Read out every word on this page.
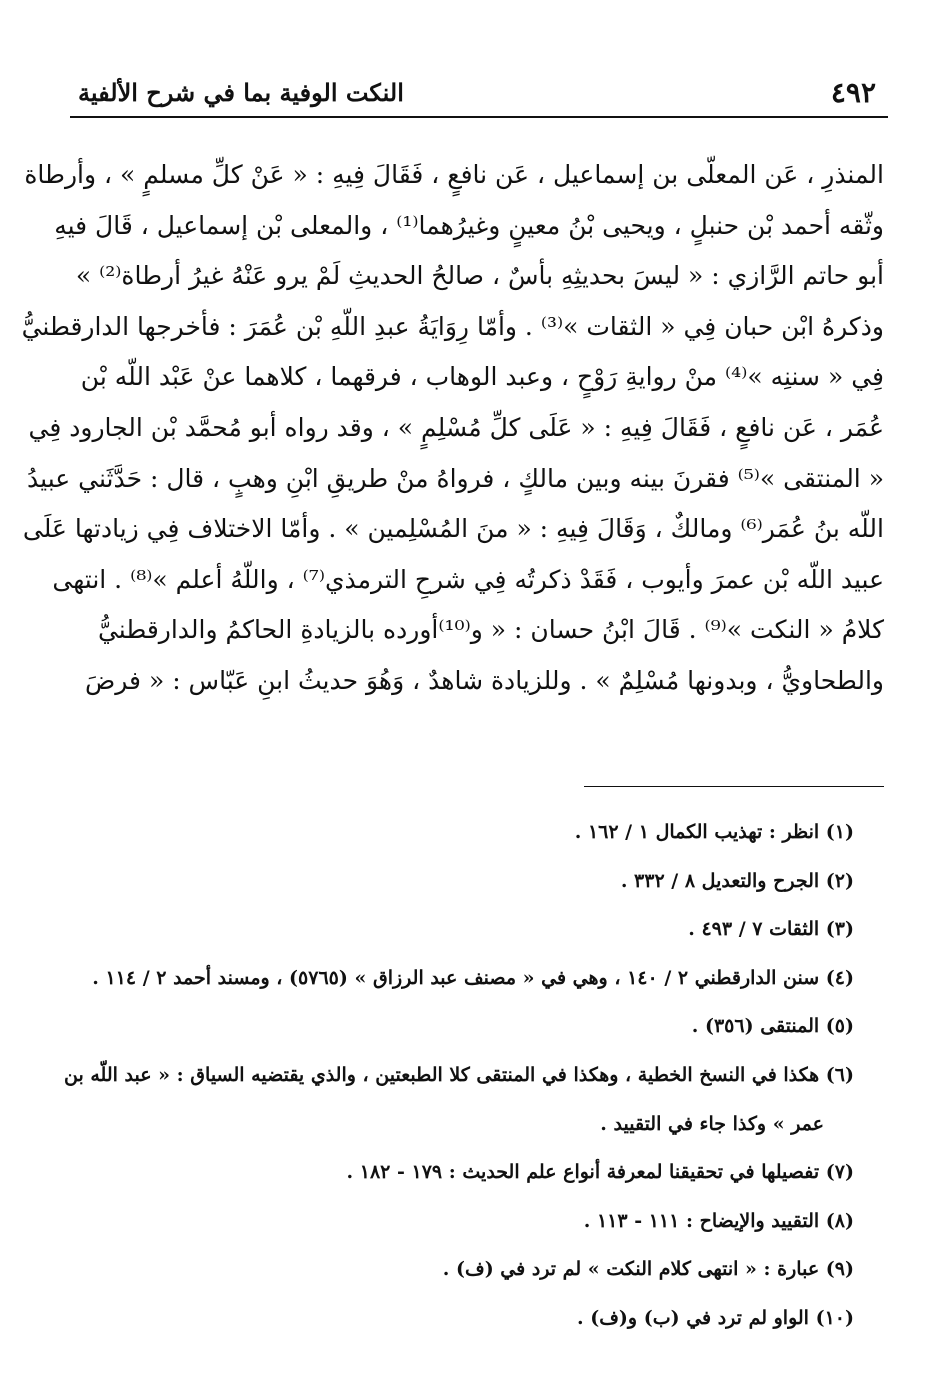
٤٩٢
النكت الوفية بما في شرح الألفية
المنذرِ ، عَن المعلّى بن إسماعيل ، عَن نافعٍ ، فَقَالَ فِيهِ : « عَنْ كلِّ مسلمٍ » ، وأرطاة
وثّقه أحمد بْن حنبلٍ ، ويحيى بْنُ معينٍ وغيرُهما⁽¹⁾ ، والمعلى بْن إسماعيل ، قَالَ فيهِ
أبو حاتم الرَّازي : « ليسَ بحديثِهِ بأسٌ ، صالحُ الحديثِ لَمْ يرو عَنْهُ غيرُ أرطاة⁽²⁾ »
وذكرهُ ابْن حبان فِي « الثقات »⁽³⁾ . وأمّا رِوَايَةُ عبدِ اللّهِ بْن عُمَرَ : فأخرجها الدارقطنيُّ
فِي « سننِه »⁽⁴⁾ منْ روايةِ رَوْحٍ ، وعبد الوهاب ، فرقهما ، كلاهما عنْ عَبْد اللّه بْن
عُمَر ، عَن نافعٍ ، فَقَالَ فِيهِ : « عَلَى كلِّ مُسْلِمٍ » ، وقد رواه أبو مُحمَّد بْن الجارود فِي
« المنتقى »⁽⁵⁾ فقرنَ بينه وبين مالكٍ ، فرواهُ منْ طريقِ ابْنِ وهبٍ ، قال : حَدَّثَني عبيدُ
اللّه بنُ عُمَر⁽⁶⁾ ومالكٌ ، وَقَالَ فِيهِ : « منَ المُسْلِمين » . وأمّا الاختلاف فِي زيادتها عَلَى
عبيد اللّه بْن عمرَ وأيوب ، فَقَدْ ذكرتُه فِي شرحِ الترمذي⁽⁷⁾ ، واللّهُ أعلم »⁽⁸⁾ . انتهى
كلامُ « النكت »⁽⁹⁾ . قَالَ ابْنُ حسان : « و⁽¹⁰⁾أورده بالزيادةِ الحاكمُ والدارقطنيُّ
والطحاويُّ ، وبدونها مُسْلِمٌ » . وللزيادة شاهدٌ ، وَهُوَ حديثُ ابنِ عَبّاس : « فرضَ
(١) انظر : تهذيب الكمال ١ / ١٦٢ .
(٢) الجرح والتعديل ٨ / ٣٣٢ .
(٣) الثقات ٧ / ٤٩٣ .
(٤) سنن الدارقطني ٢ / ١٤٠ ، وهي في « مصنف عبد الرزاق » (٥٧٦٥) ، ومسند أحمد ٢ / ١١٤ .
(٥) المنتقى (٣٥٦) .
(٦) هكذا في النسخ الخطية ، وهكذا في المنتقى كلا الطبعتين ، والذي يقتضيه السياق : « عبد اللّه بن
عمر » وكذا جاء في التقييد .
(٧) تفصيلها في تحقيقنا لمعرفة أنواع علم الحديث : ١٧٩ - ١٨٢ .
(٨) التقييد والإيضاح : ١١١ - ١١٣ .
(٩) عبارة : « انتهى كلام النكت » لم ترد في (ف) .
(١٠) الواو لم ترد في (ب) و(ف) .
